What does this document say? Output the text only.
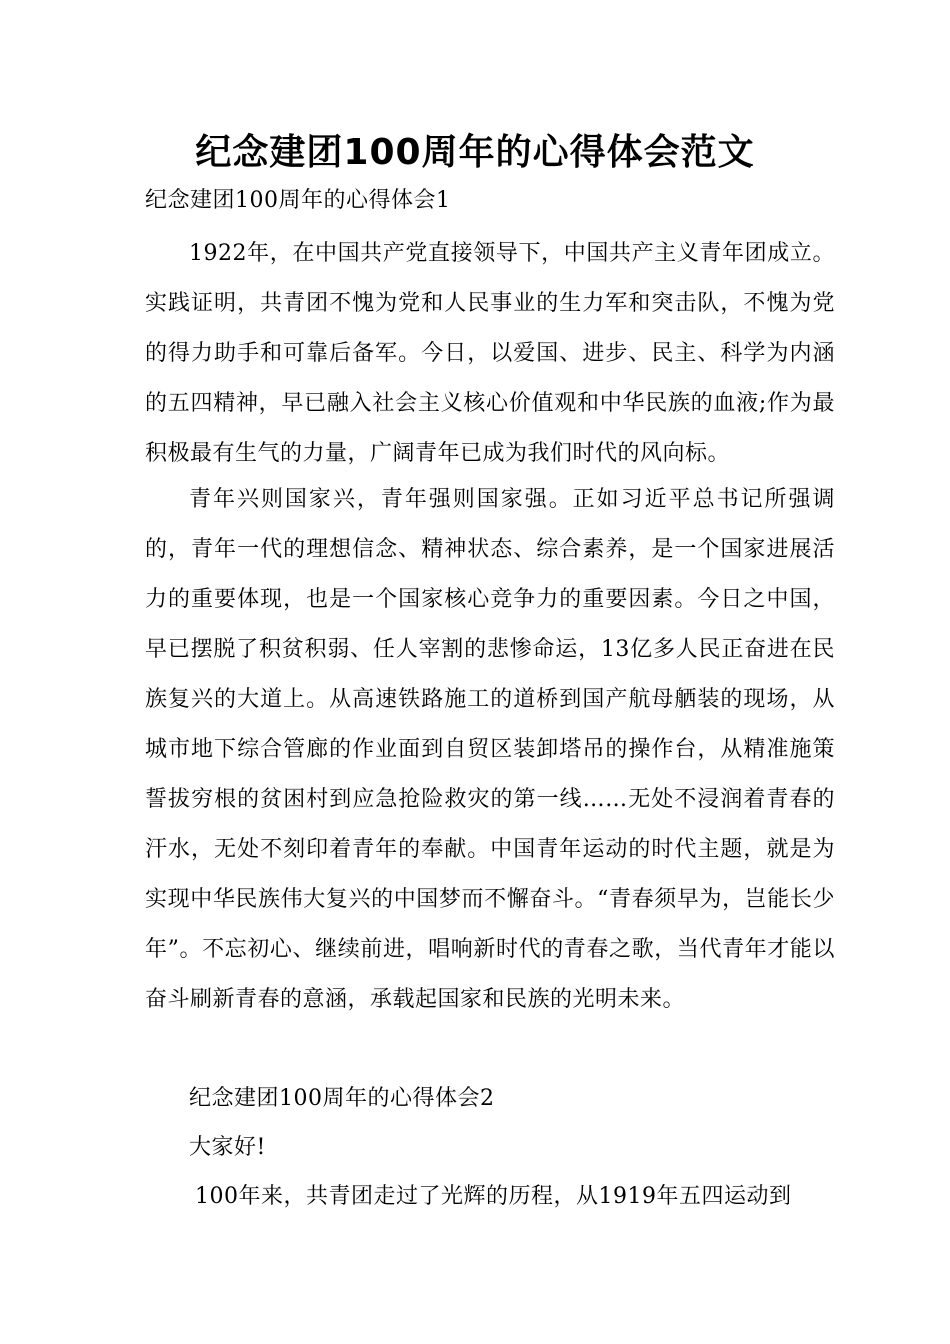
纪念建团100周年的心得体会范文

纪念建团100周年的心得体会1

1922年，在中国共产党直接领导下，中国共产主义青年团成立。实践证明，共青团不愧为党和人民事业的生力军和突击队，不愧为党的得力助手和可靠后备军。今日，以爱国、进步、民主、科学为内涵的五四精神，早已融入社会主义核心价值观和中华民族的血液;作为最积极最有生气的力量，广阔青年已成为我们时代的风向标。

青年兴则国家兴，青年强则国家强。正如习近平总书记所强调的，青年一代的理想信念、精神状态、综合素养，是一个国家进展活力的重要体现，也是一个国家核心竞争力的重要因素。今日之中国，早已摆脱了积贫积弱、任人宰割的悲惨命运，13亿多人民正奋进在民族复兴的大道上。从高速铁路施工的道桥到国产航母舾装的现场，从城市地下综合管廊的作业面到自贸区装卸塔吊的操作台，从精准施策誓拔穷根的贫困村到应急抢险救灾的第一线……无处不浸润着青春的汗水，无处不刻印着青年的奉献。中国青年运动的时代主题，就是为实现中华民族伟大复兴的中国梦而不懈奋斗。“青春须早为，岂能长少年”。不忘初心、继续前进，唱响新时代的青春之歌，当代青年才能以奋斗刷新青春的意涵，承载起国家和民族的光明未来。

纪念建团100周年的心得体会2

大家好!

100年来，共青团走过了光辉的历程，从1919年五四运动到
